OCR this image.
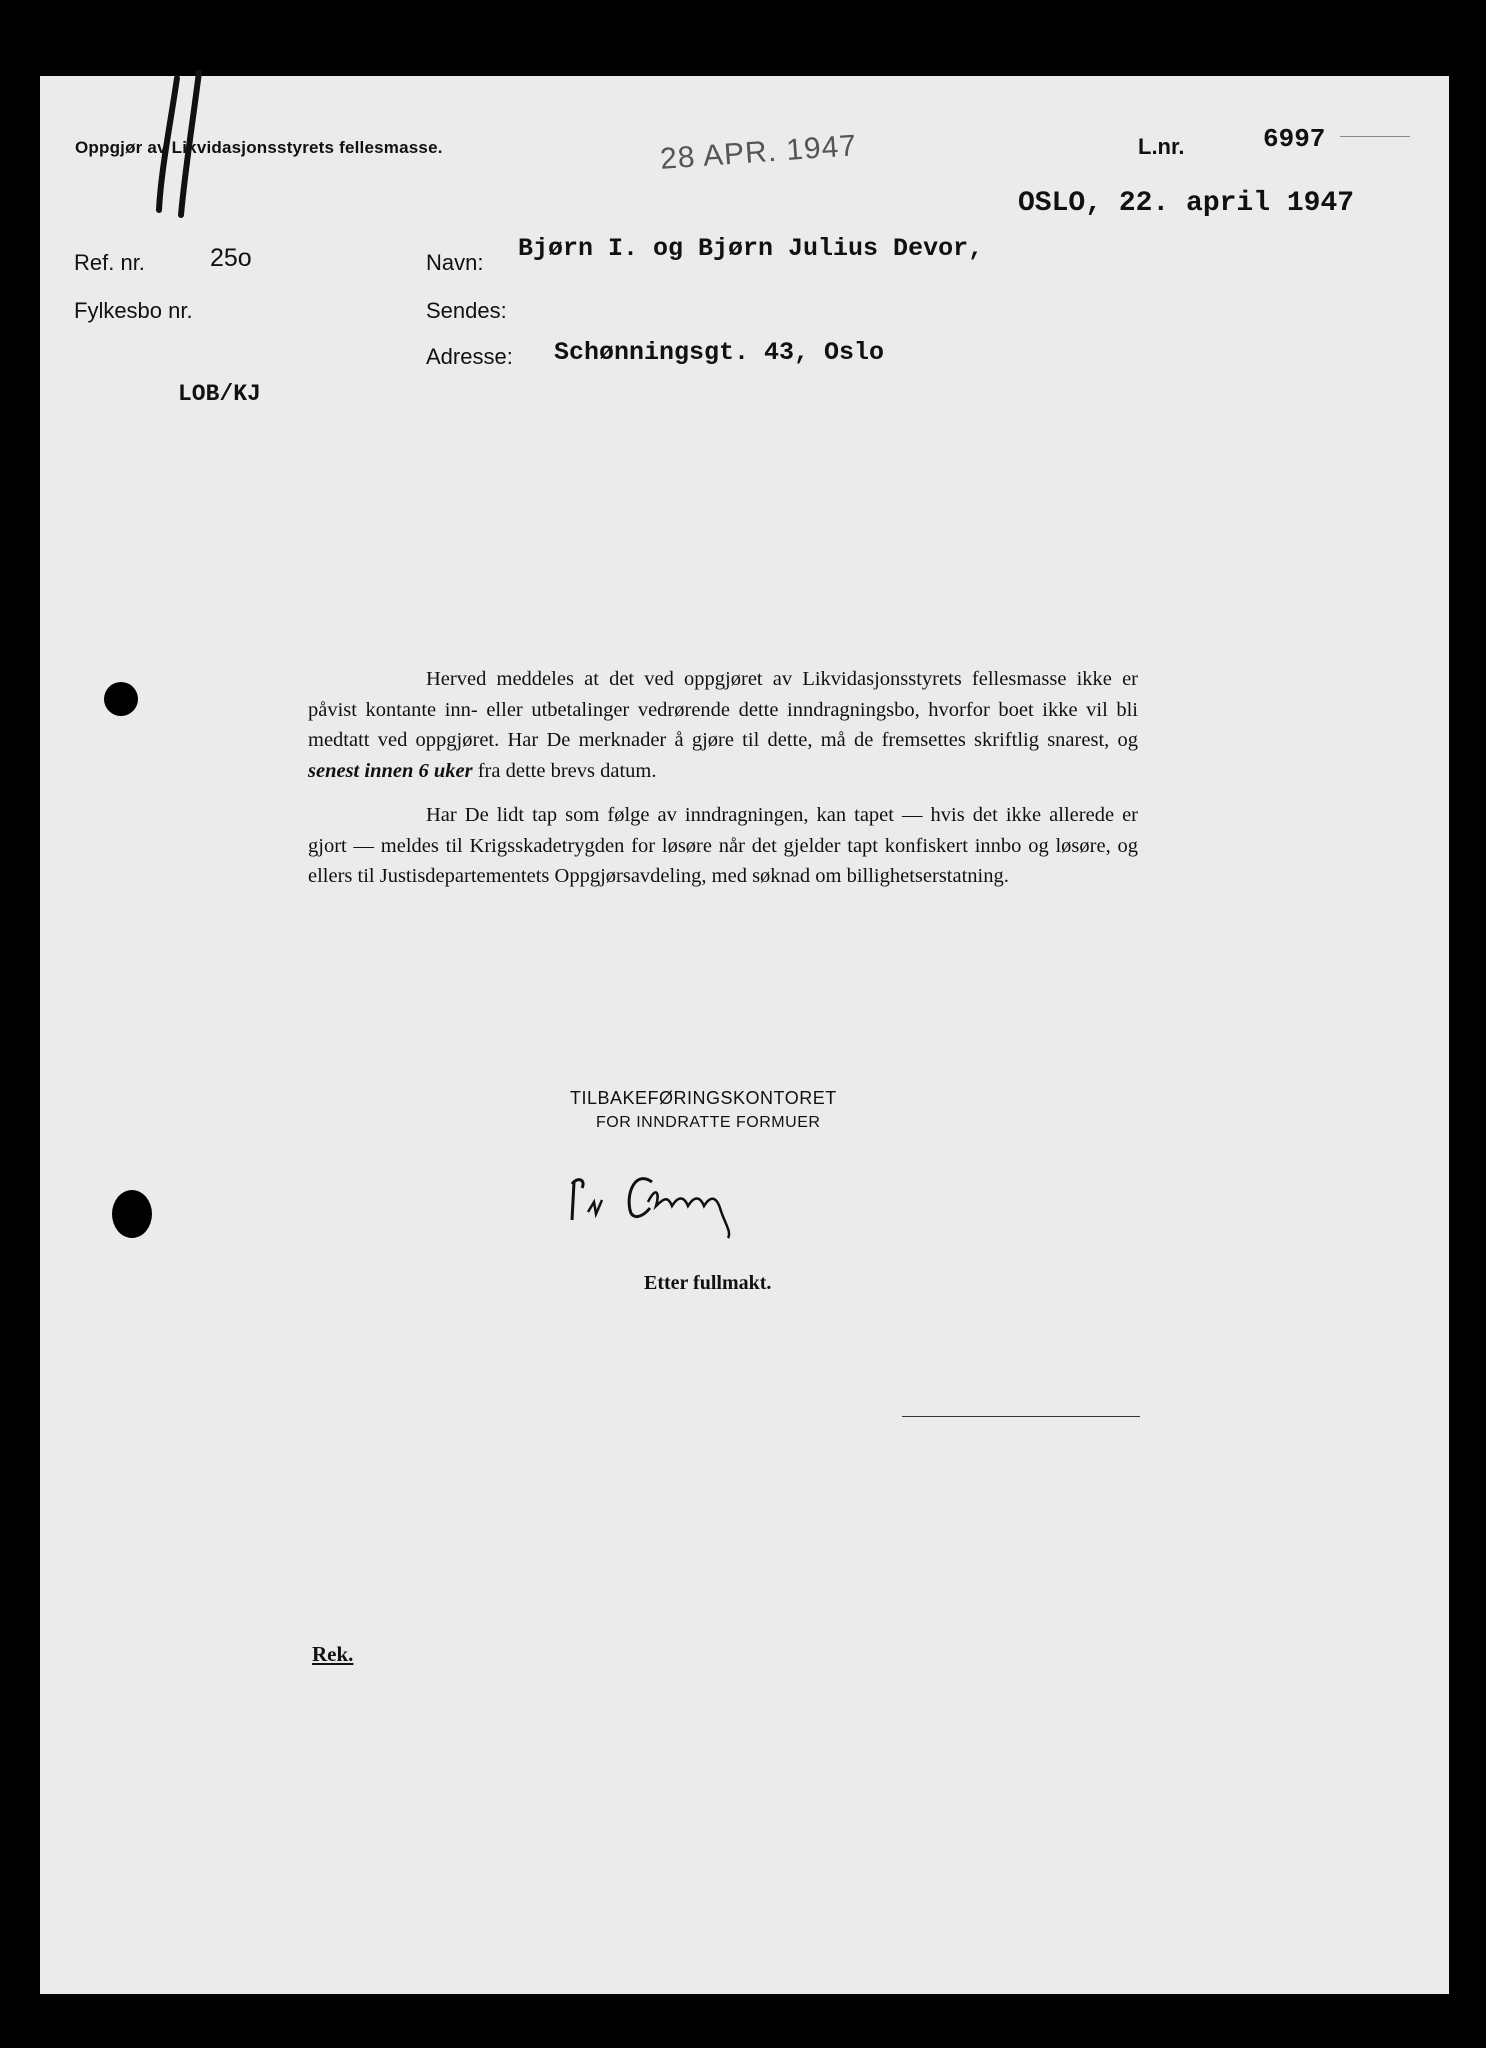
Oppgjør av Likvidasjonsstyrets fellesmasse.	28 APR. 1947	L.nr.	6997
OSLO, 22. april 1947
Ref. nr.	25o
Fylkesbo nr.
Navn: Bjørn I. og Bjørn Julius Devor,
Sendes:
Adresse: Schønningsgt. 43, Oslo
LOB/KJ

Herved meddeles at det ved oppgjøret av Likvidasjonsstyrets fellesmasse ikke er påvist kontante inn- eller utbetalinger vedrørende dette inndragningsbo, hvorfor boet ikke vil bli medtatt ved oppgjøret. Har De merknader å gjøre til dette, må de fremsettes skriftlig snarest, og senest innen 6 uker fra dette brevs datum.

Har De lidt tap som følge av inndragningen, kan tapet — hvis det ikke allerede er gjort — meldes til Krigsskadetrygden for løsøre når det gjelder tapt konfiskert innbo og løsøre, og ellers til Justisdepartementets Oppgjørsavdeling, med søknad om billighetserstatning.

TILBAKEFØRINGSKONTORET
FOR INNDRATTE FORMUER
Etter fullmakt.
Rek.
